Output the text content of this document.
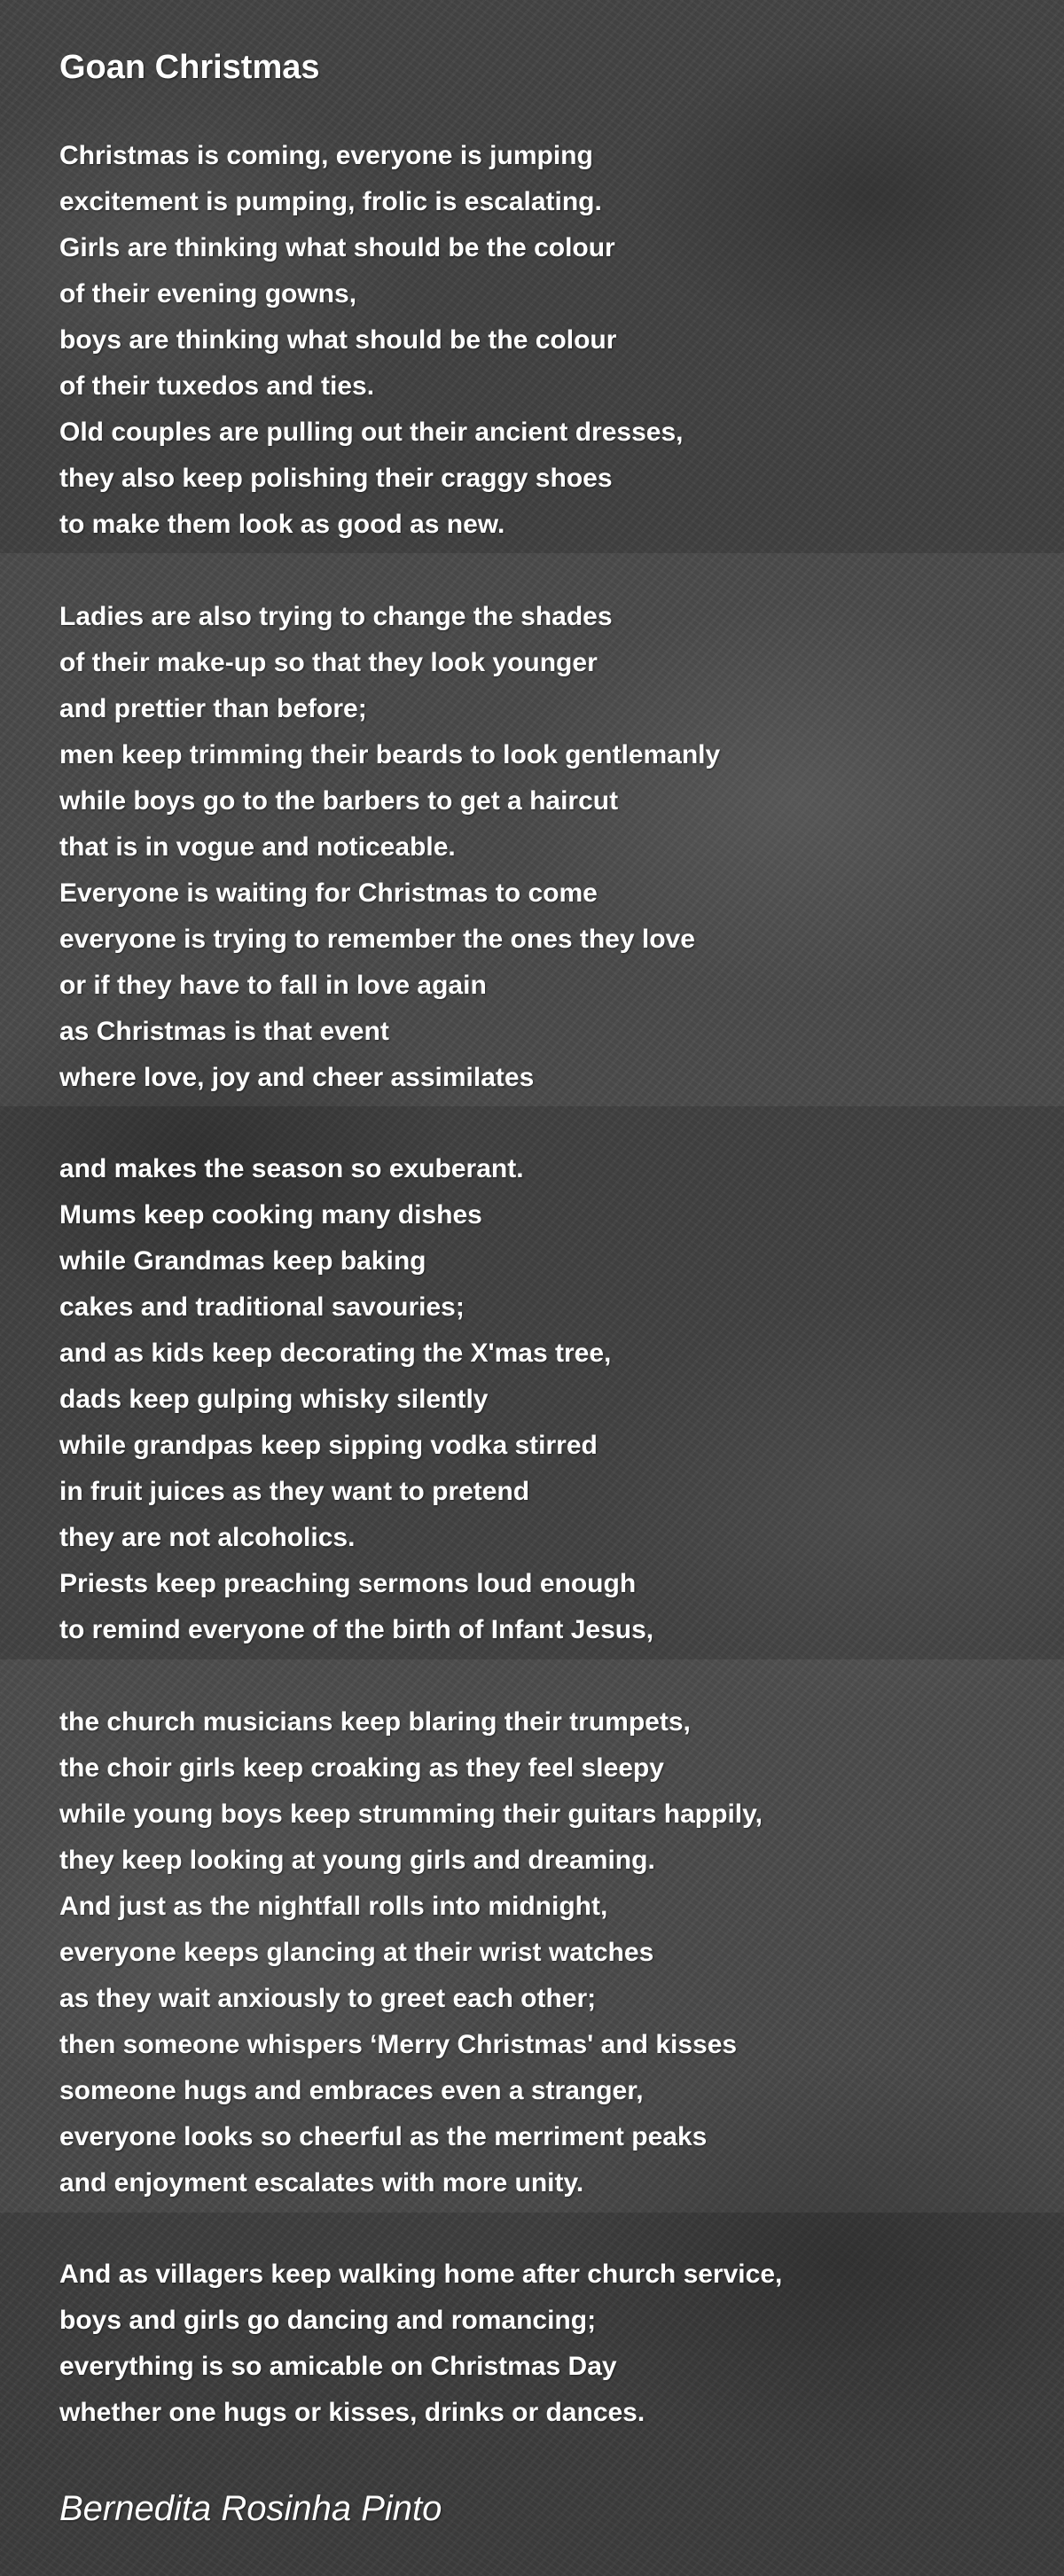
Goan Christmas
Christmas is coming, everyone is jumping
excitement is pumping, frolic is escalating.
Girls are thinking what should be the colour
of their evening gowns,
boys are thinking what should be the colour
of their tuxedos and ties.
Old couples are pulling out their ancient dresses,
they also keep polishing their craggy shoes
to make them look as good as new.
Ladies are also trying to change the shades
of their make-up so that they look younger
and prettier than before;
men keep trimming their beards to look gentlemanly
while boys go to the barbers to get a haircut
that is in vogue and noticeable.
Everyone is waiting for Christmas to come
everyone is trying to remember the ones they love
or if they have to fall in love again
as Christmas is that event
where love, joy and cheer assimilates
and makes the season so exuberant.
Mums keep cooking many dishes
while Grandmas keep baking
cakes and traditional savouries;
and as kids keep decorating the X'mas tree,
dads keep gulping whisky silently
while grandpas keep sipping vodka stirred
in fruit juices as they want to pretend
they are not alcoholics.
Priests keep preaching sermons loud enough
to remind everyone of the birth of Infant Jesus,
the church musicians keep blaring their trumpets,
the choir girls keep croaking as they feel sleepy
while young boys keep strumming their guitars happily,
they keep looking at young girls and dreaming.
And just as the nightfall rolls into midnight,
everyone keeps glancing at their wrist watches
as they wait anxiously to greet each other;
then someone whispers ‘Merry Christmas' and kisses
someone hugs and embraces even a stranger,
everyone looks so cheerful as the merriment peaks
and enjoyment escalates with more unity.
And as villagers keep walking home after church service,
boys and girls go dancing and romancing;
everything is so amicable on Christmas Day
whether one hugs or kisses, drinks or dances.

Bernedita Rosinha Pinto
